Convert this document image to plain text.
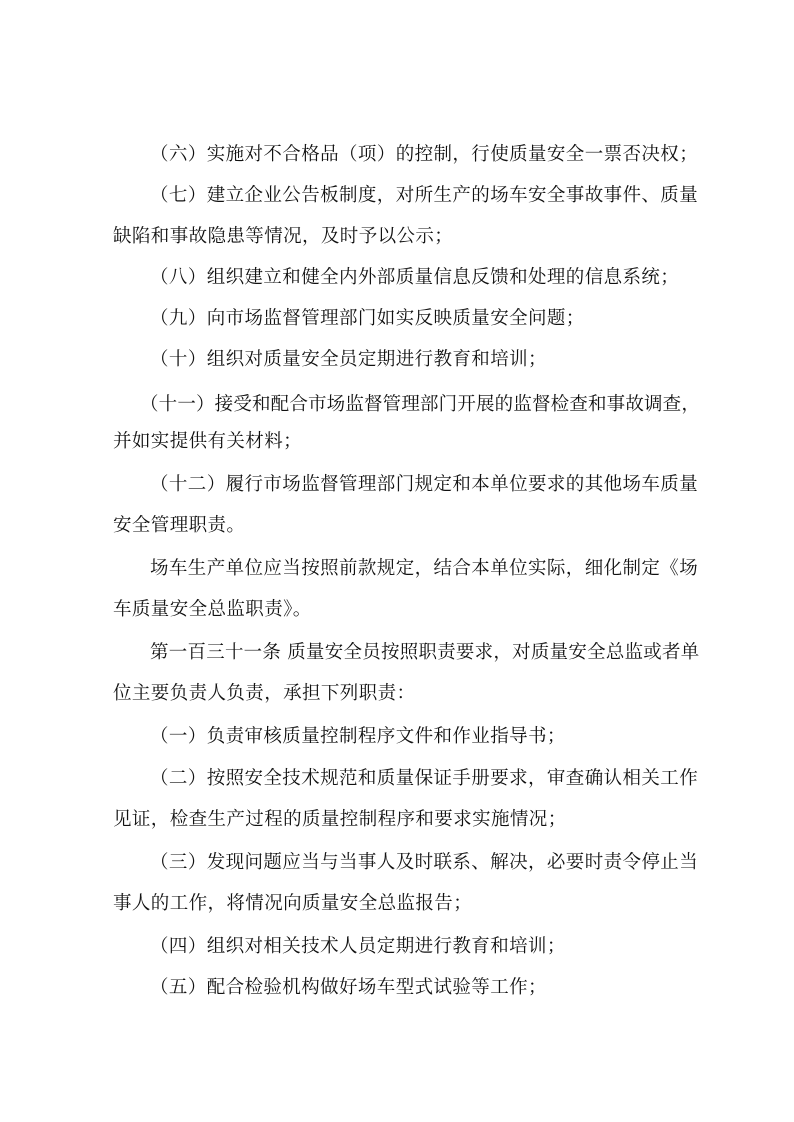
（六）实施对不合格品（项）的控制，行使质量安全一票否决权；
（七）建立企业公告板制度，对所生产的场车安全事故事件、质量
缺陷和事故隐患等情况，及时予以公示；
（八）组织建立和健全内外部质量信息反馈和处理的信息系统；
（九）向市场监督管理部门如实反映质量安全问题；
（十）组织对质量安全员定期进行教育和培训；
（十一）接受和配合市场监督管理部门开展的监督检查和事故调查，
并如实提供有关材料；
（十二）履行市场监督管理部门规定和本单位要求的其他场车质量
安全管理职责。
场车生产单位应当按照前款规定，结合本单位实际，细化制定《场
车质量安全总监职责》。
第一百三十一条 质量安全员按照职责要求，对质量安全总监或者单
位主要负责人负责，承担下列职责：
（一）负责审核质量控制程序文件和作业指导书；
（二）按照安全技术规范和质量保证手册要求，审查确认相关工作
见证，检查生产过程的质量控制程序和要求实施情况；
（三）发现问题应当与当事人及时联系、解决，必要时责令停止当
事人的工作，将情况向质量安全总监报告；
（四）组织对相关技术人员定期进行教育和培训；
（五）配合检验机构做好场车型式试验等工作；
